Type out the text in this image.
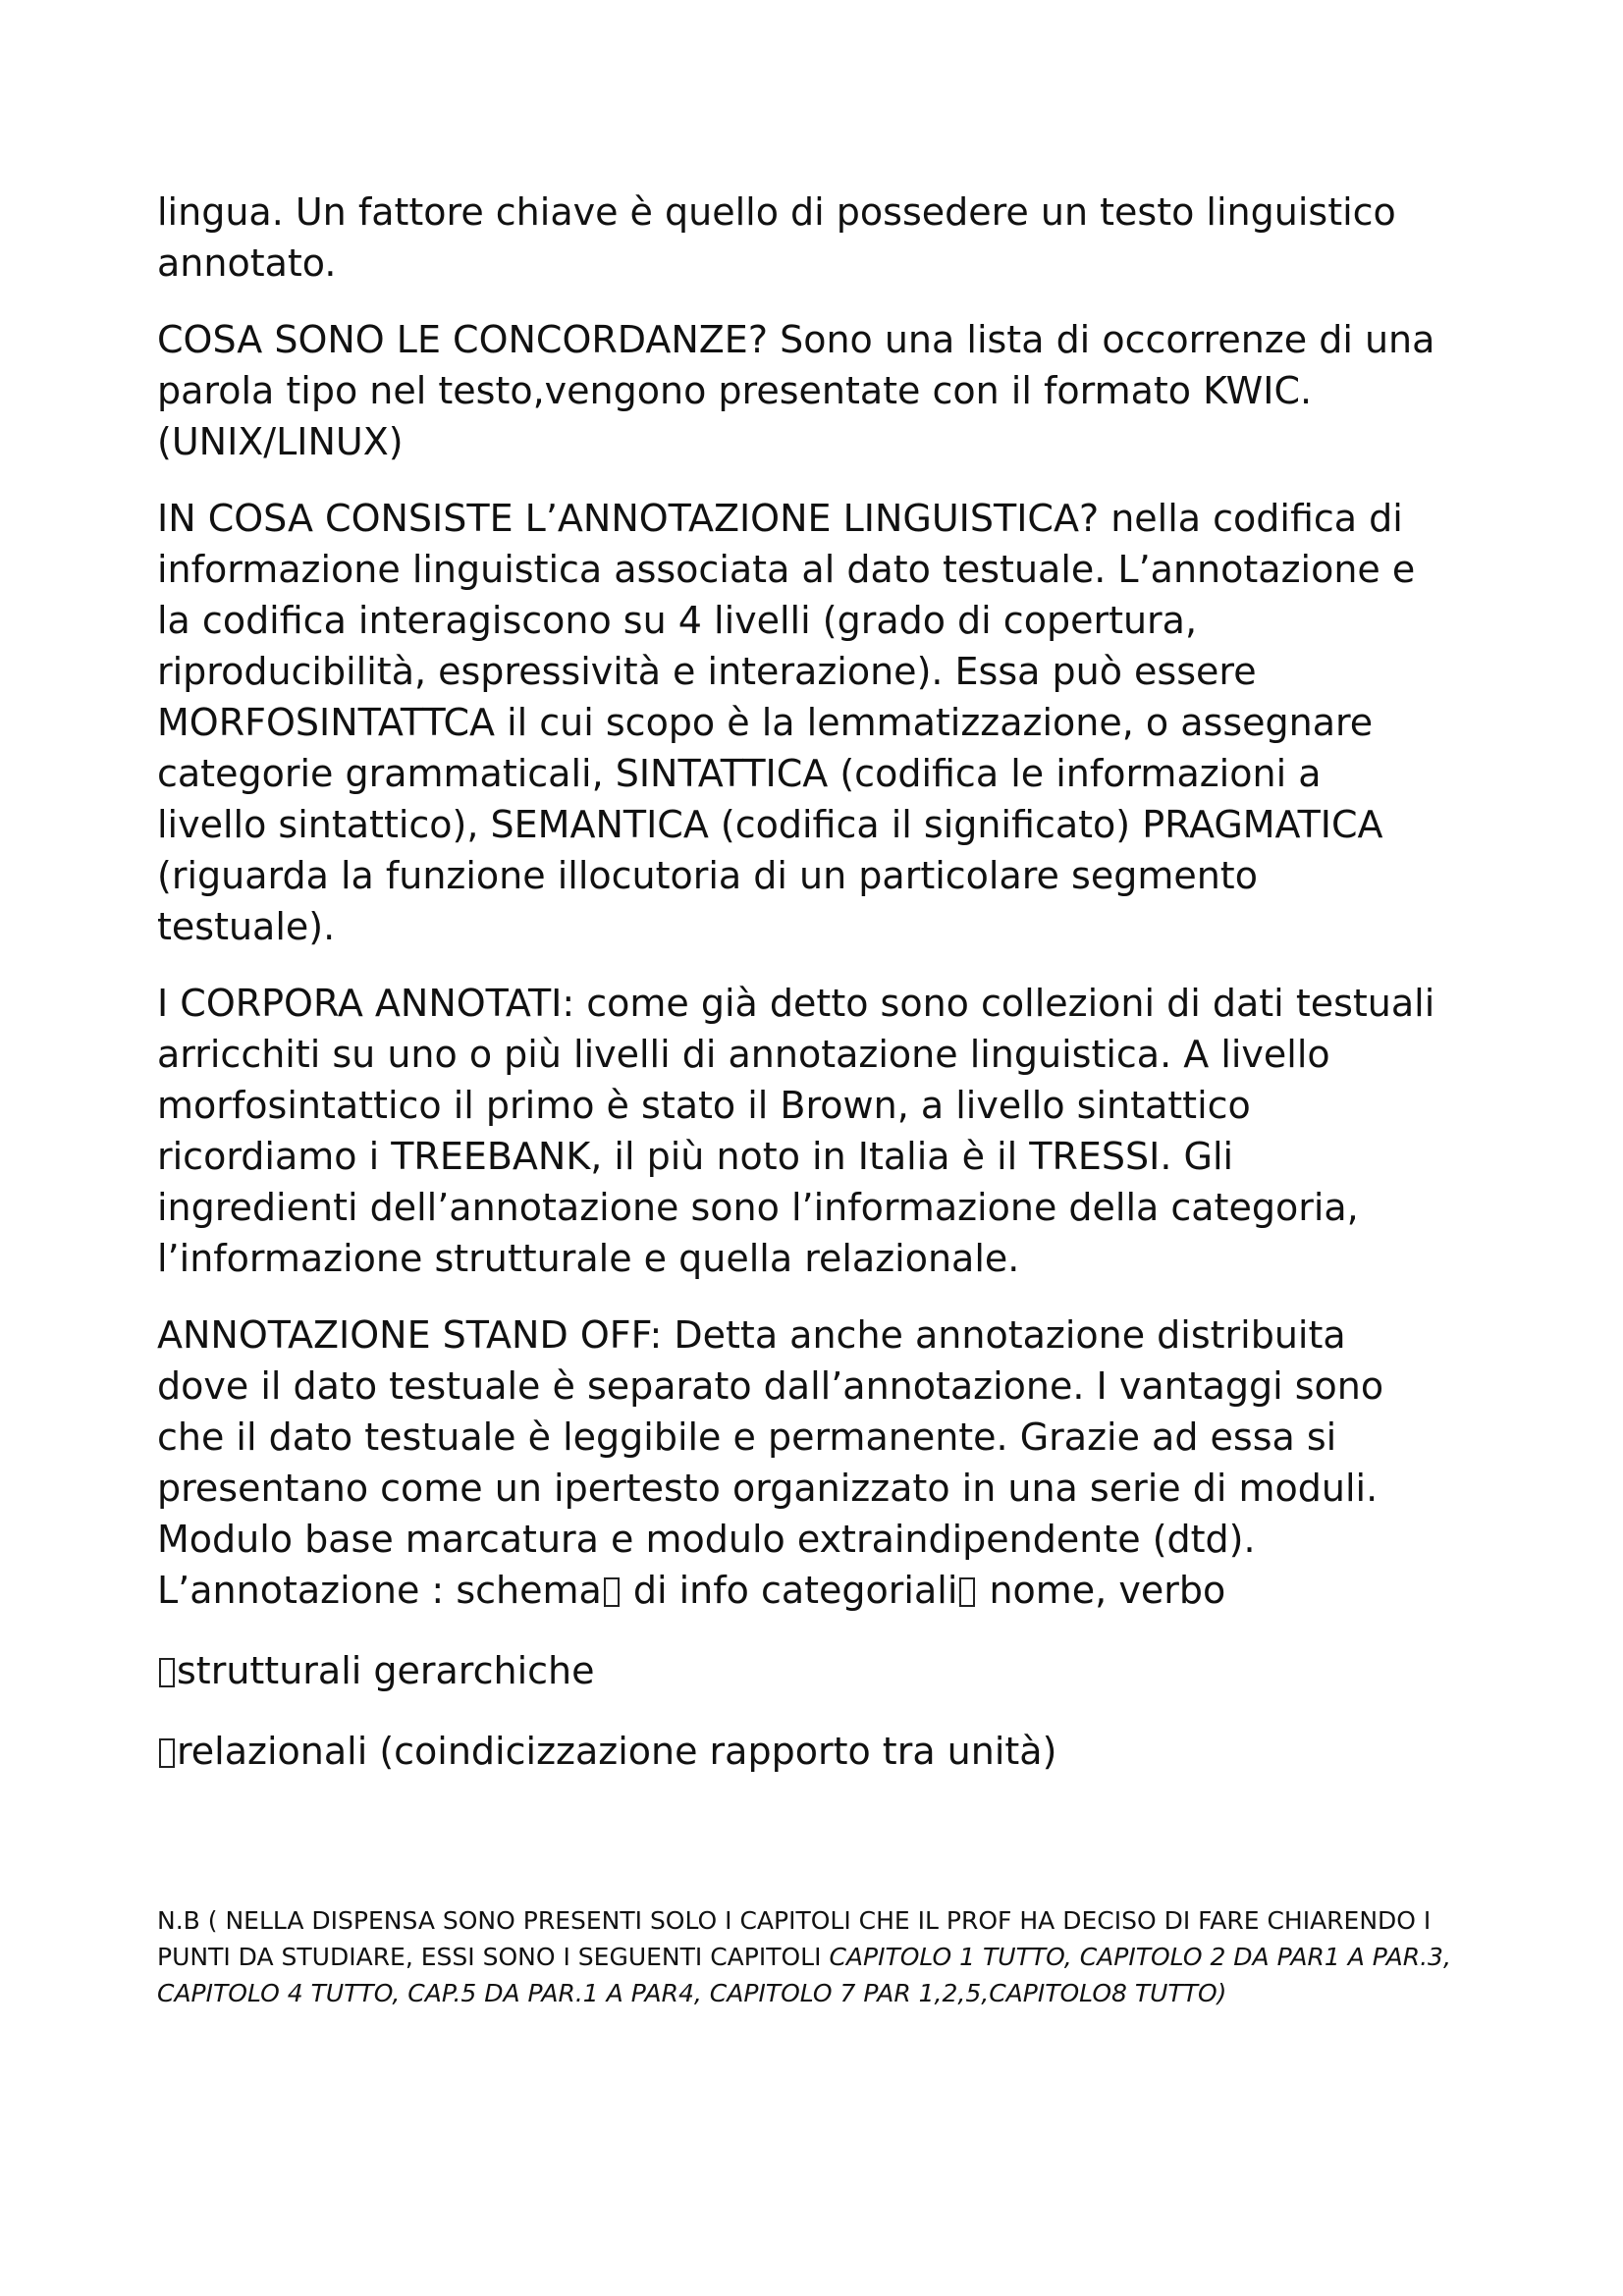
lingua. Un fattore chiave è quello di possedere un testo linguistico
annotato.

COSA SONO LE CONCORDANZE? Sono una lista di occorrenze di una
parola tipo nel testo,vengono presentate con il formato KWIC.
(UNIX/LINUX)

IN COSA CONSISTE L’ANNOTAZIONE LINGUISTICA? nella codifica di
informazione linguistica associata al dato testuale. L’annotazione e
la codifica interagiscono su 4 livelli (grado di copertura,
riproducibilità, espressività e interazione). Essa può essere
MORFOSINTATTCA il cui scopo è la lemmatizzazione, o assegnare
categorie grammaticali, SINTATTICA (codifica le informazioni a
livello sintattico), SEMANTICA (codifica il significato) PRAGMATICA
(riguarda la funzione illocutoria di un particolare segmento
testuale).

I CORPORA ANNOTATI: come già detto sono collezioni di dati testuali
arricchiti su uno o più livelli di annotazione linguistica. A livello
morfosintattico il primo è stato il Brown, a livello sintattico
ricordiamo i TREEBANK, il più noto in Italia è il TRESSI. Gli
ingredienti dell’annotazione sono l’informazione della categoria,
l’informazione strutturale e quella relazionale.

ANNOTAZIONE STAND OFF: Detta anche annotazione distribuita
dove il dato testuale è separato dall’annotazione. I vantaggi sono
che il dato testuale è leggibile e permanente. Grazie ad essa si
presentano come un ipertesto organizzato in una serie di moduli.
Modulo base marcatura e modulo extraindipendente (dtd).

L’annotazione : schema di info categoriali nome, verbo

strutturali gerarchiche

relazionali (coindicizzazione rapporto tra unità)

N.B ( NELLA DISPENSA SONO PRESENTI SOLO I CAPITOLI CHE IL PROF HA DECISO DI FARE CHIARENDO I PUNTI DA STUDIARE, ESSI SONO I SEGUENTI CAPITOLI CAPITOLO 1 TUTTO, CAPITOLO 2 DA PAR1 A PAR.3, CAPITOLO 4 TUTTO, CAP.5 DA PAR.1 A PAR4, CAPITOLO 7 PAR 1,2,5,CAPITOLO8 TUTTO)
